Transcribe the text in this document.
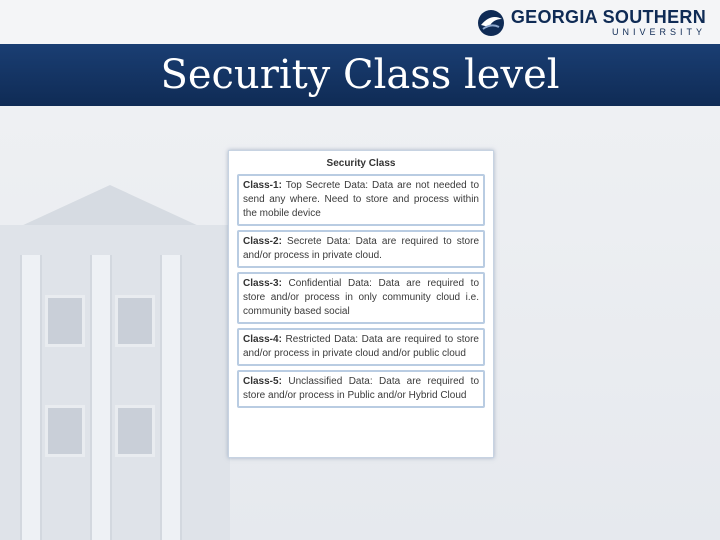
GEORGIA SOUTHERN
UNIVERSITY
Security Class level
Security Class
Class-1: Top Secrete Data: Data are not needed to send any where. Need to store and process within the mobile device
Class-2: Secrete Data: Data are required to store and/or process in private cloud.
Class-3: Confidential Data: Data are required to store and/or process in only community cloud i.e. community based social
Class-4: Restricted Data: Data are required to store and/or process in private cloud and/or public cloud
Class-5: Unclassified Data: Data are required to store and/or process in Public and/or Hybrid Cloud
